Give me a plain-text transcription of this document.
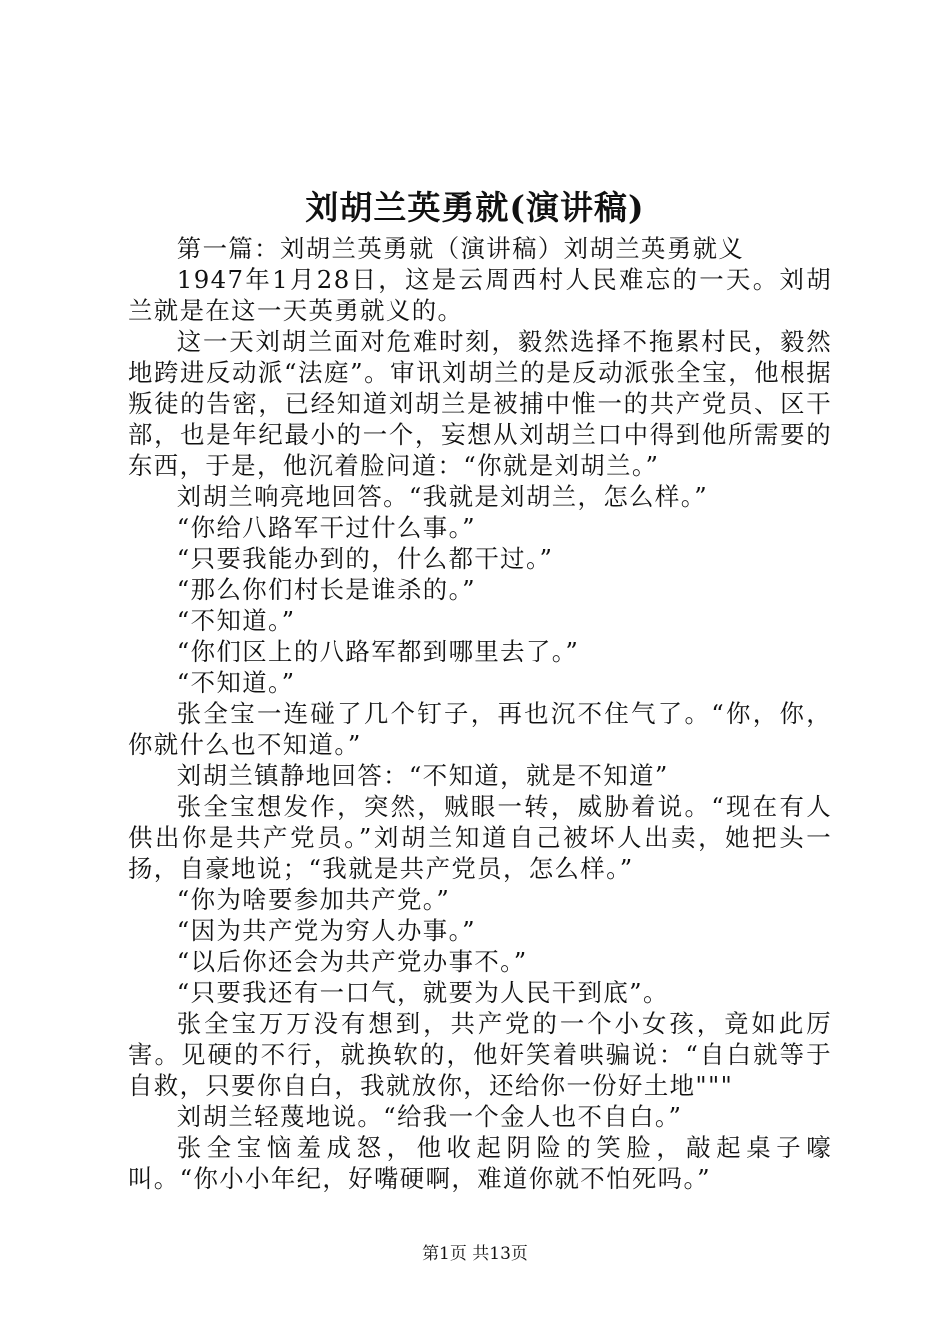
刘胡兰英勇就(演讲稿)

第一篇：刘胡兰英勇就（演讲稿）刘胡兰英勇就义

1947年1月28日，这是云周西村人民难忘的一天。刘胡兰就是在这一天英勇就义的。

这一天刘胡兰面对危难时刻，毅然选择不拖累村民，毅然地跨进反动派“法庭”。审讯刘胡兰的是反动派张全宝，他根据叛徒的告密，已经知道刘胡兰是被捕中惟一的共产党员、区干部，也是年纪最小的一个，妄想从刘胡兰口中得到他所需要的东西，于是，他沉着脸问道：“你就是刘胡兰。”

刘胡兰响亮地回答。“我就是刘胡兰，怎么样。”

“你给八路军干过什么事。”

“只要我能办到的，什么都干过。”

“那么你们村长是谁杀的。”

“不知道。”

“你们区上的八路军都到哪里去了。”

“不知道。”

张全宝一连碰了几个钉子，再也沉不住气了。“你，你，你就什么也不知道。”

刘胡兰镇静地回答：“不知道，就是不知道”

张全宝想发作，突然，贼眼一转，威胁着说。“现在有人供出你是共产党员。”刘胡兰知道自己被坏人出卖，她把头一扬，自豪地说；“我就是共产党员，怎么样。”

“你为啥要参加共产党。”

“因为共产党为穷人办事。”

“以后你还会为共产党办事不。”

“只要我还有一口气，就要为人民干到底”。

张全宝万万没有想到，共产党的一个小女孩，竟如此厉害。见硬的不行，就换软的，他奸笑着哄骗说：“自白就等于自救，只要你自白，我就放你，还给你一份好土地"""

刘胡兰轻蔑地说。“给我一个金人也不自白。”

张全宝恼羞成怒，他收起阴险的笑脸，敲起桌子嚎叫。“你小小年纪，好嘴硬啊，难道你就不怕死吗。”

第1页 共13页
